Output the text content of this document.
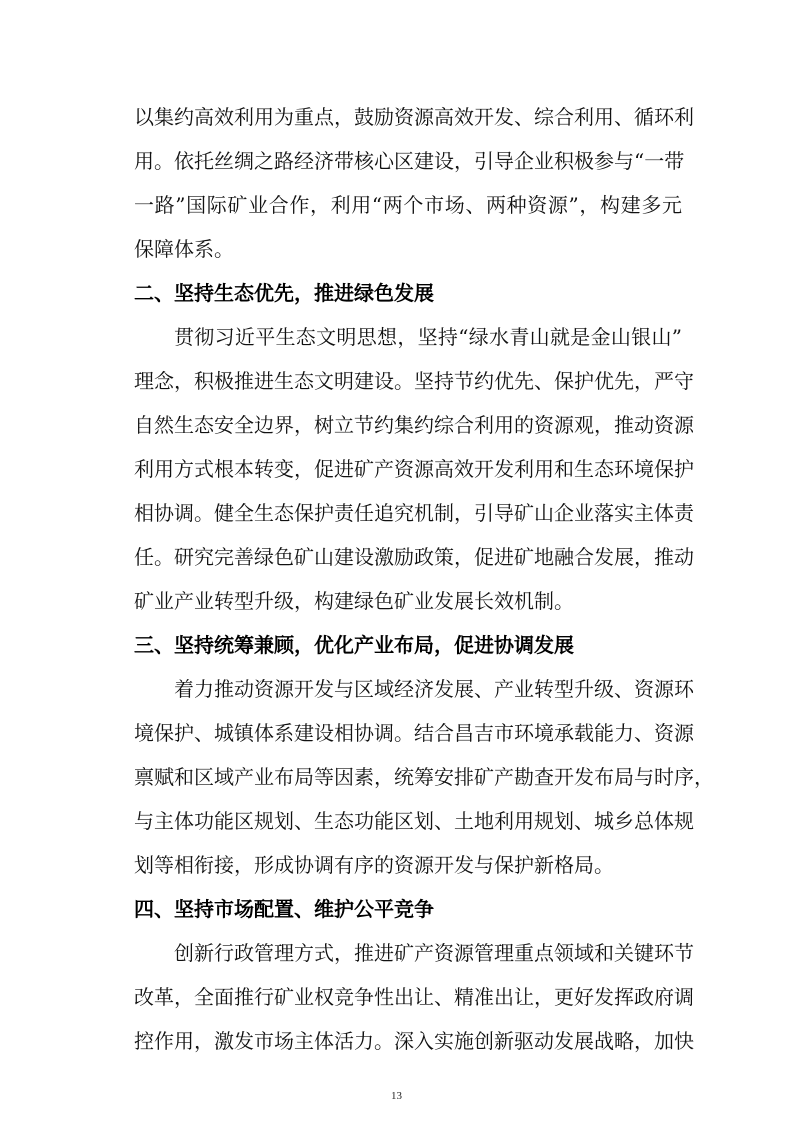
以集约高效利用为重点，鼓励资源高效开发、综合利用、循环利
用。依托丝绸之路经济带核心区建设，引导企业积极参与“一带
一路”国际矿业合作，利用“两个市场、两种资源”，构建多元
保障体系。
二、坚持生态优先，推进绿色发展
贯彻习近平生态文明思想，坚持“绿水青山就是金山银山”
理念，积极推进生态文明建设。坚持节约优先、保护优先，严守
自然生态安全边界，树立节约集约综合利用的资源观，推动资源
利用方式根本转变，促进矿产资源高效开发利用和生态环境保护
相协调。健全生态保护责任追究机制，引导矿山企业落实主体责
任。研究完善绿色矿山建设激励政策，促进矿地融合发展，推动
矿业产业转型升级，构建绿色矿业发展长效机制。
三、坚持统筹兼顾，优化产业布局，促进协调发展
着力推动资源开发与区域经济发展、产业转型升级、资源环
境保护、城镇体系建设相协调。结合昌吉市环境承载能力、资源
禀赋和区域产业布局等因素，统筹安排矿产勘查开发布局与时序，
与主体功能区规划、生态功能区划、土地利用规划、城乡总体规
划等相衔接，形成协调有序的资源开发与保护新格局。
四、坚持市场配置、维护公平竞争
创新行政管理方式，推进矿产资源管理重点领域和关键环节
改革，全面推行矿业权竞争性出让、精准出让，更好发挥政府调
控作用，激发市场主体活力。深入实施创新驱动发展战略，加快
13
